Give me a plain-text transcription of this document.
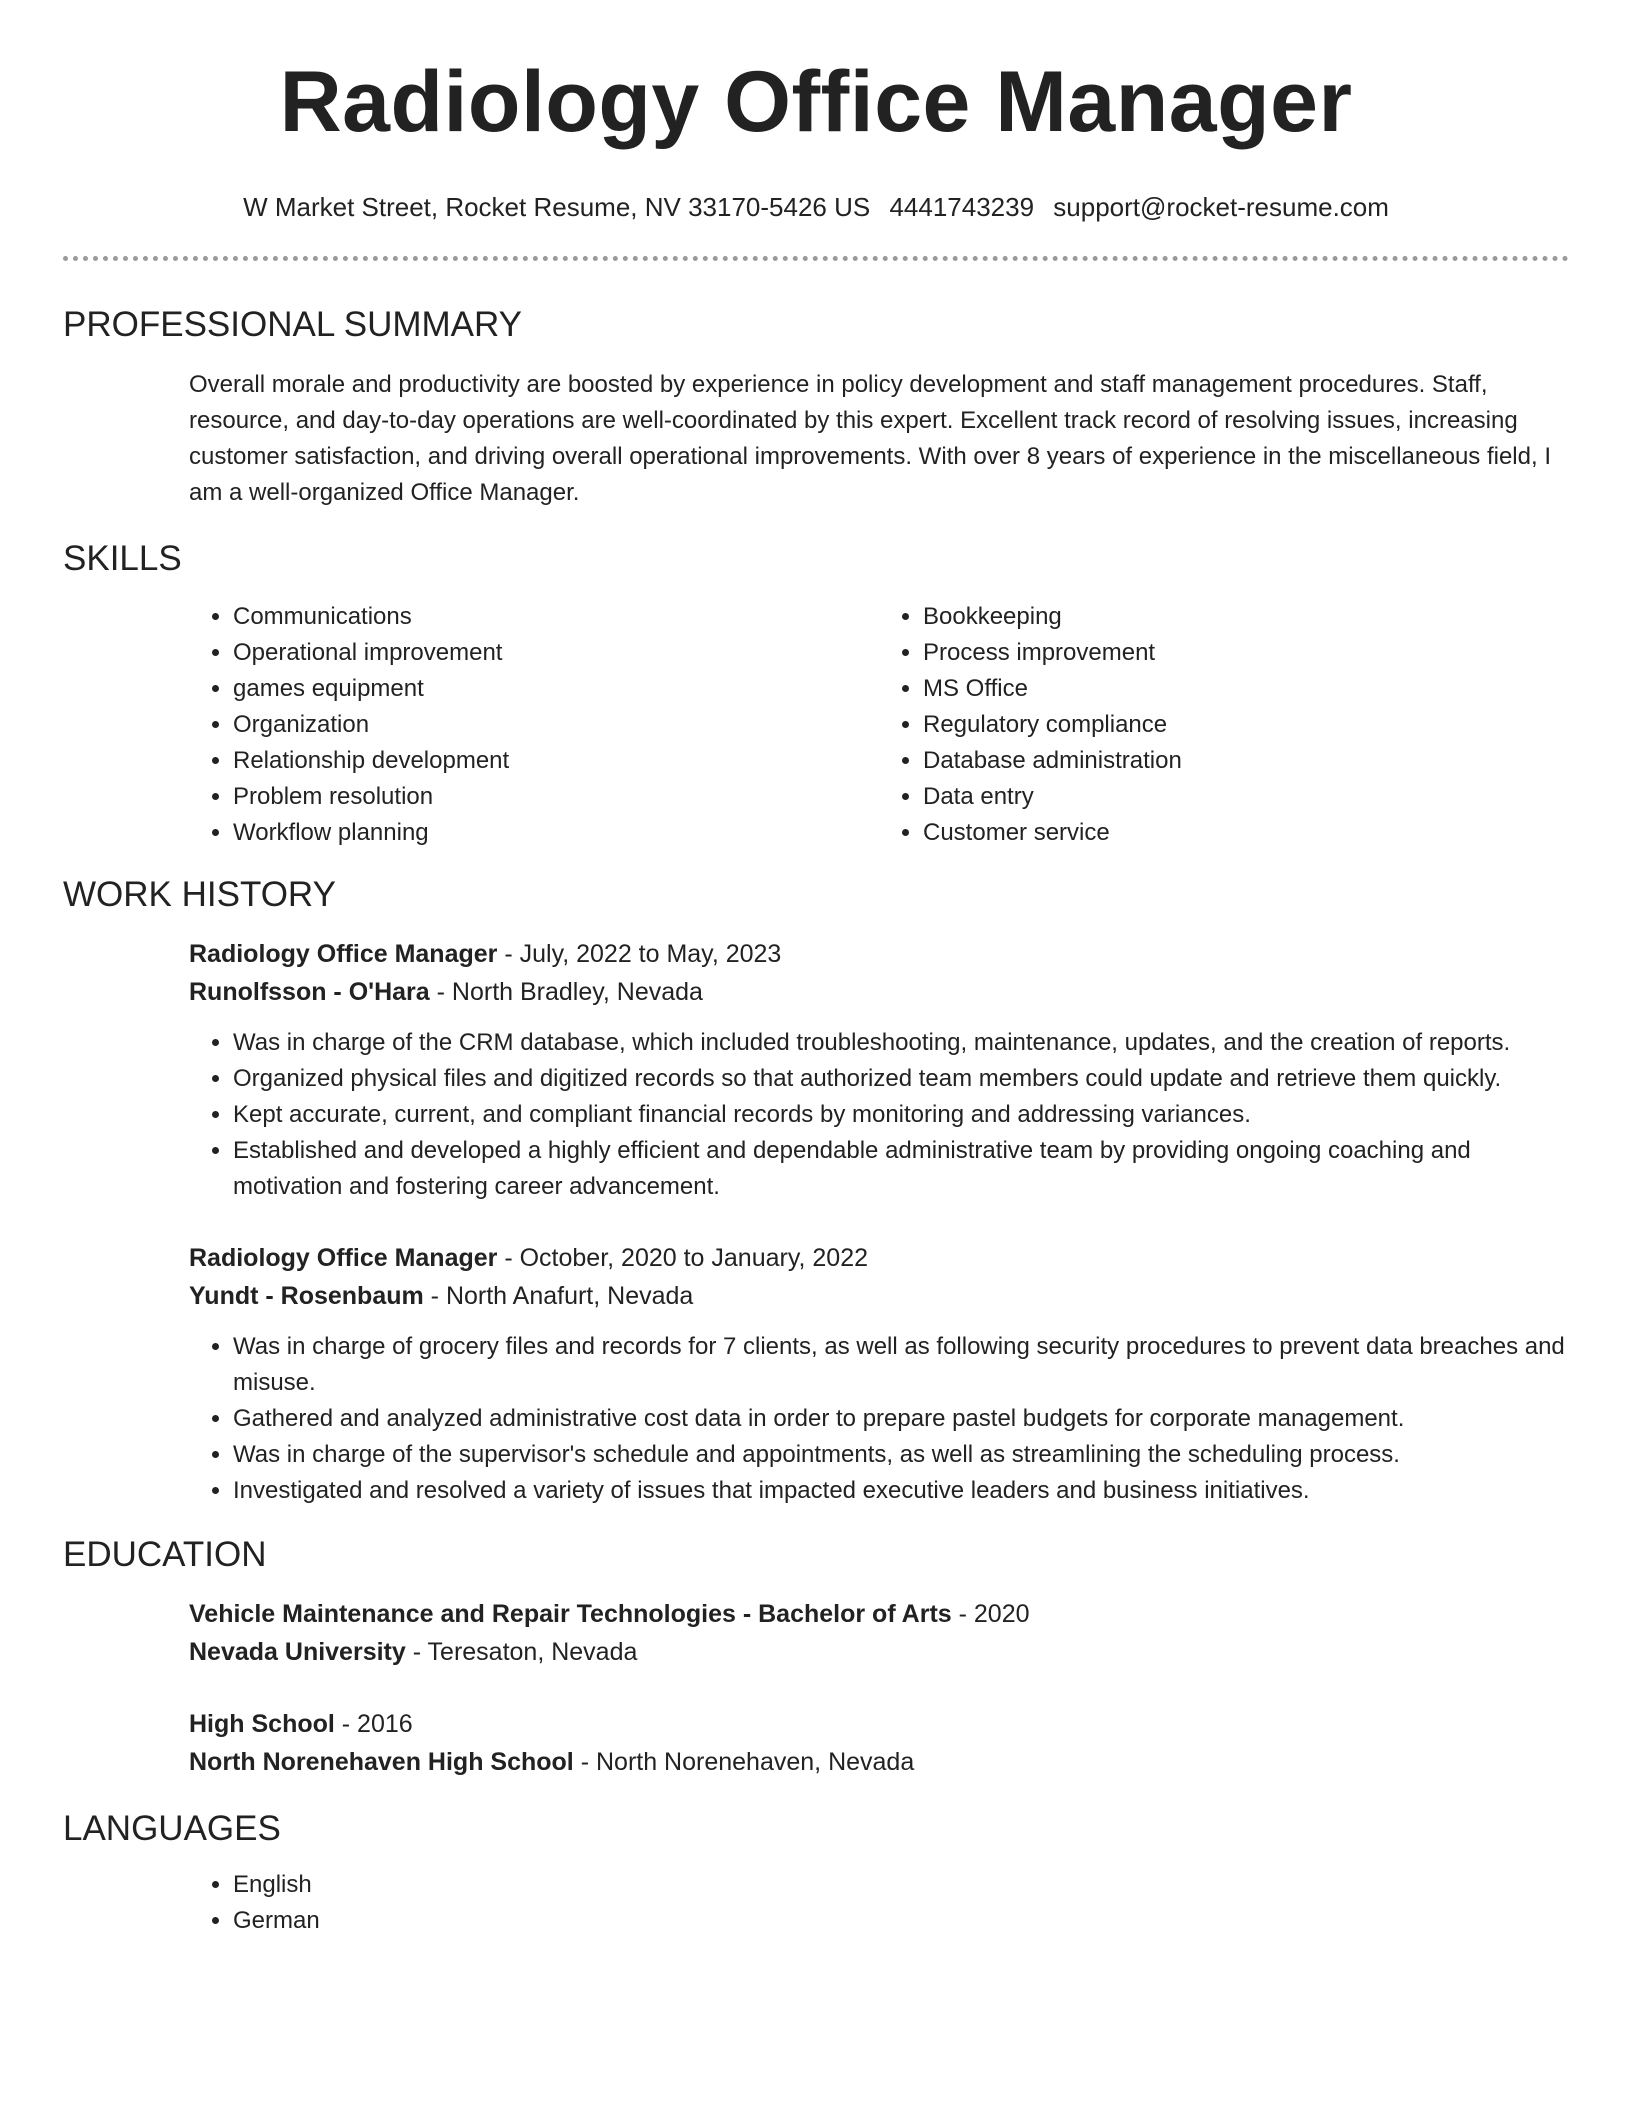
Radiology Office Manager
W Market Street, Rocket Resume, NV 33170-5426 US 4441743239 support@rocket-resume.com
PROFESSIONAL SUMMARY

Overall morale and productivity are boosted by experience in policy development and staff management procedures. Staff, resource, and day-to-day operations are well-coordinated by this expert. Excellent track record of resolving issues, increasing customer satisfaction, and driving overall operational improvements. With over 8 years of experience in the miscellaneous field, I am a well-organized Office Manager.

SKILLS
• Communications
• Operational improvement
• games equipment
• Organization
• Relationship development
• Problem resolution
• Workflow planning
• Bookkeeping
• Process improvement
• MS Office
• Regulatory compliance
• Database administration
• Data entry
• Customer service
WORK HISTORY
Radiology Office Manager - July, 2022 to May, 2023
Runolfsson - O'Hara - North Bradley, Nevada
• Was in charge of the CRM database, which included troubleshooting, maintenance, updates, and the creation of reports.
• Organized physical files and digitized records so that authorized team members could update and retrieve them quickly.
• Kept accurate, current, and compliant financial records by monitoring and addressing variances.
• Established and developed a highly efficient and dependable administrative team by providing ongoing coaching and motivation and fostering career advancement.
Radiology Office Manager - October, 2020 to January, 2022
Yundt - Rosenbaum - North Anafurt, Nevada
• Was in charge of grocery files and records for 7 clients, as well as following security procedures to prevent data breaches and misuse.
• Gathered and analyzed administrative cost data in order to prepare pastel budgets for corporate management.
• Was in charge of the supervisor's schedule and appointments, as well as streamlining the scheduling process.
• Investigated and resolved a variety of issues that impacted executive leaders and business initiatives.
EDUCATION
Vehicle Maintenance and Repair Technologies - Bachelor of Arts - 2020
Nevada University - Teresaton, Nevada
High School - 2016
North Norenehaven High School - North Norenehaven, Nevada
LANGUAGES
• English
• German
